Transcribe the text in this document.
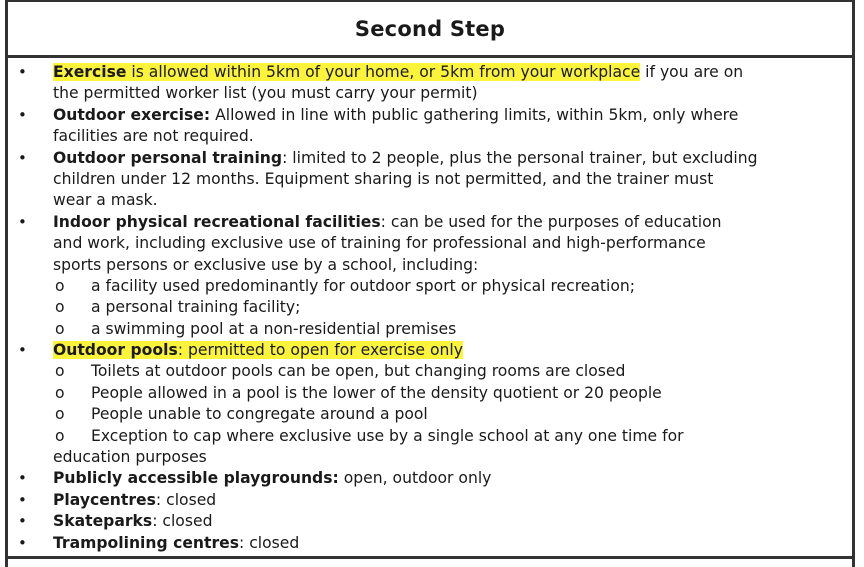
Second Step
• Exercise is allowed within 5km of your home, or 5km from your workplace if you are on
the permitted worker list (you must carry your permit)
• Outdoor exercise: Allowed in line with public gathering limits, within 5km, only where
facilities are not required.
• Outdoor personal training: limited to 2 people, plus the personal trainer, but excluding
children under 12 months. Equipment sharing is not permitted, and the trainer must
wear a mask.
• Indoor physical recreational facilities: can be used for the purposes of education
and work, including exclusive use of training for professional and high-performance
sports persons or exclusive use by a school, including:
o a facility used predominantly for outdoor sport or physical recreation;
o a personal training facility;
o a swimming pool at a non-residential premises
• Outdoor pools: permitted to open for exercise only
o Toilets at outdoor pools can be open, but changing rooms are closed
o People allowed in a pool is the lower of the density quotient or 20 people
o People unable to congregate around a pool
o Exception to cap where exclusive use by a single school at any one time for
education purposes
• Publicly accessible playgrounds: open, outdoor only
• Playcentres: closed
• Skateparks: closed
• Trampolining centres: closed
